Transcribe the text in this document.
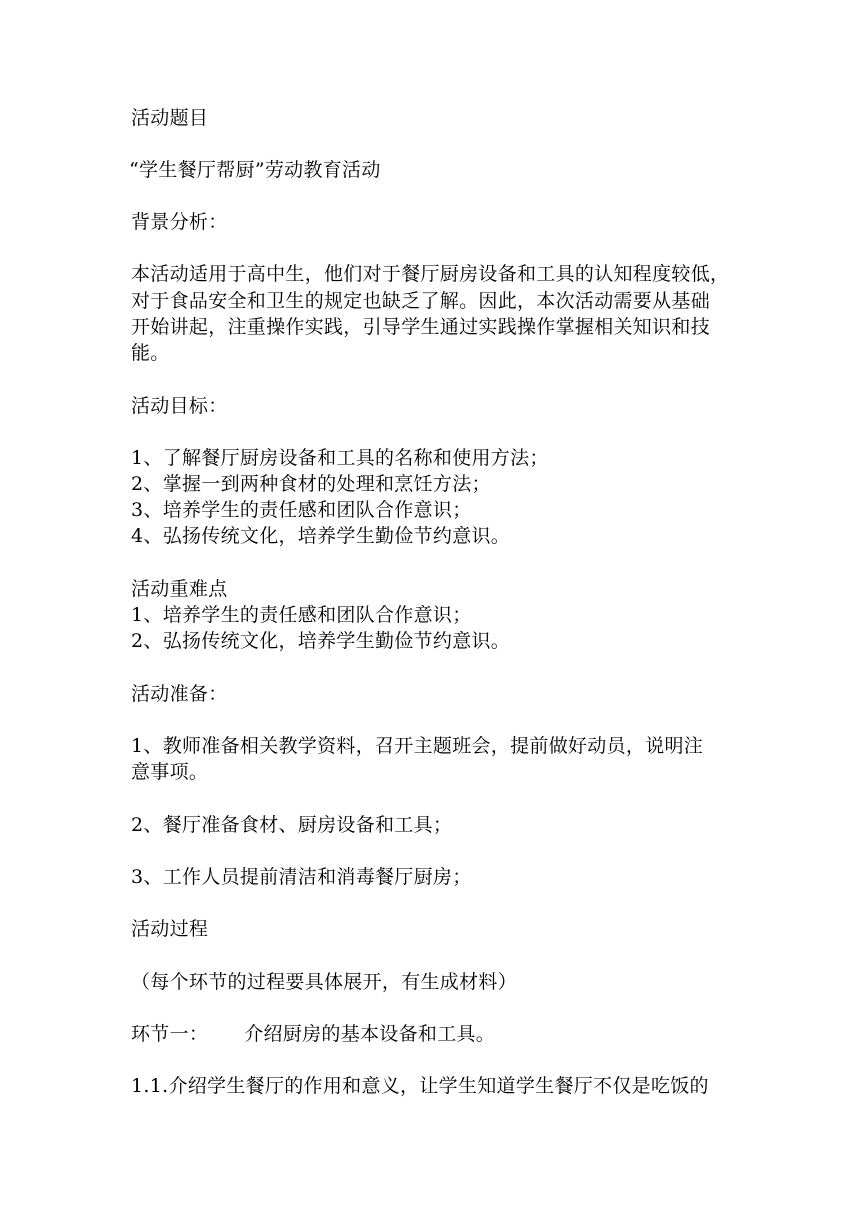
活动题目
“学生餐厅帮厨”劳动教育活动
背景分析：
本活动适用于高中生，他们对于餐厅厨房设备和工具的认知程度较低，
对于食品安全和卫生的规定也缺乏了解。因此，本次活动需要从基础
开始讲起，注重操作实践，引导学生通过实践操作掌握相关知识和技
能。
活动目标：
1、了解餐厅厨房设备和工具的名称和使用方法；
2、掌握一到两种食材的处理和烹饪方法；
3、培养学生的责任感和团队合作意识；
4、弘扬传统文化，培养学生勤俭节约意识。
活动重难点
1、培养学生的责任感和团队合作意识；
2、弘扬传统文化，培养学生勤俭节约意识。
活动准备：
1、教师准备相关教学资料，召开主题班会，提前做好动员，说明注
意事项。
2、餐厅准备食材、厨房设备和工具；
3、工作人员提前清洁和消毒餐厅厨房；
活动过程
（每个环节的过程要具体展开，有生成材料）
环节一： 介绍厨房的基本设备和工具。
1.1.介绍学生餐厅的作用和意义，让学生知道学生餐厅不仅是吃饭的
